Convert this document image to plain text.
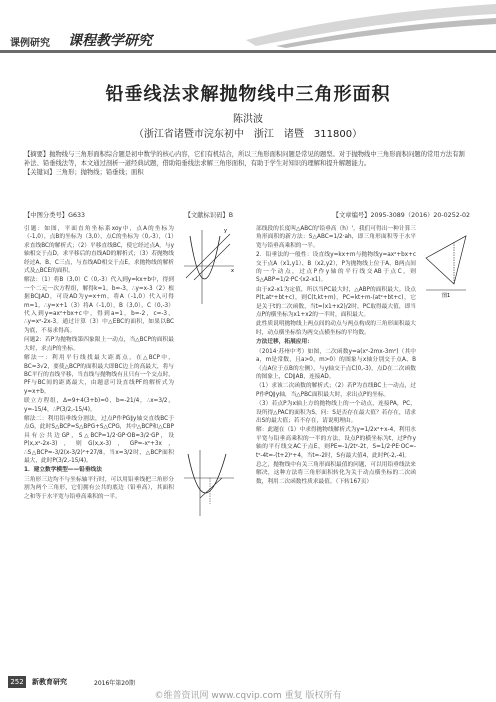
课例研究 课程教学研究
铅垂线法求解抛物线中三角形面积
陈洪波
（浙江省诸暨市浣东初中　浙江　诸暨　311800）
【摘要】抛物线与三角形面积综合题是初中数学的核心内容，它们有机结合，所以三角形面积问题是常见的题型。对于抛物线中三角形面积问题的常用方法有割补法、铅垂线法等，本文通过剖析一道经典试题，借助铅垂线法求解三角形面积，有助于学生对知识的理解和提升解题能力。
【关键词】三角形；抛物线；铅垂线；面积
【中图分类号】G633	【文献标识码】B	【文章编号】2095-3089（2016）20-0252-02

引题：如图，平面直角坐标系xoy中，点A的坐标为（-1,0），点B的坐标为（3,0），点C的坐标为（0,-3），（1）求直线BC的解析式；（2）平移直线BC，使它经过点A，与y轴相交于点D，求平移后的直线AD的解析式；（3）若抛物线经过A、B、C三点，与直线AD相交于点E，求抛物线的解析式及△BCE的面积。

解法：（1）将B（3,0）C（0,-3）代入到y=kx+b中，得到一个二元一次方程组，解得k=1，b=-3，∴y=x-3（2）根据BC∥AD，可设AD为y=x+m，将A（-1,0）代入可得m=1，∴y=x+1（3）将A（-1,0），B（3,0），C（0,-3）代入到y=ax²+bx+c中，得到a=1，b=-2，c=-3，∴y=x²-2x-3。通过计算（3）中△EBC的面积，如果以BC为底，不易求得高。

问题2：若P为抛物线第四象限上一动点，当△BCP的面积最大时，求点P的坐标。

解法一：利用平行线找最大距离点，在△BCP中，BC=3√2，要使△BCP的面积最大即BC边上的高最大，将与BC平行的直线平移，当直线与抛物线有且只有一个交点时，PF与BC间的距离最大，由题意可设直线PF的解析式为y=x+b。

联立方程组，Δ=9+4(3+b)=0，b=-21/4，∴x=3/2，y=-15/4，∴P(3/2,-15/4)。

解法二：利用铅垂线分割法，过点P作PG∥y轴交直线BC于点G，此时S△BCP=S△BPG+S△CPG，其中△BCP和△CBP具有公共边GP，S△BCP=1/2·GP·OB=3/2·GP，设P(x,x²-2x-3)，则G(x,x-3)，GP=-x²+3x，∴S△BCP=-3/2(x-3/2)²+27/8，当x=3/2时，△BCP面积最大，此时P(3/2,-15/4)。

1．建立数学模型——铅垂线法

三角形三边均不与坐标轴平行时，可以用铅垂线把三角形分割为两个三角形，它们拥有公共的底边（铅垂高），其面积之和等于水平宽与铅垂高乘积的一半。

y
x

部线段的长度叫△ABC的'铅垂高（h）'，我们可得出一种计算三角形面积的新方法：S△ABC=1/2·ah，即三角形面积等于水平宽与铅垂高乘积的一半。

2．铅垂法的一般性：设直线y=kx+m与抛物线y=ax²+bx+c交于点A（x1,y1）、B（x2,y2），P为抛物线上位于A、B两点间的一个动点，过点P作y轴的平行线交AB于点C，则S△ABP=1/2·PC·(x2-x1)。

由于x2-x1为定值，所以当PC最大时，△ABP的面积最大。设点P(t,at²+bt+c)，则C(t,kt+m)，PC=kt+m-(at²+bt+c)，它是关于t的二次函数，当t=(x1+x2)/2时，PC取得最大值，即当点P的横坐标为x1+x2的一半时，面积最大。

此性质说明抛物线上两点间的动点与两点构成的三角形面积最大时，动点横坐标恰为两交点横坐标的平均数。

方法迁移，拓展应用：

（2014·苏州中考）如图，二次函数y=a(x²-2mx-3m²)（其中a，m是常数，且a>0，m>0）的图象与x轴分别交于点A、B（点A位于点B的左侧），与y轴交于点C(0,-3)，点D在二次函数的图象上，CD∥AB，连接AD。

（1）求该二次函数的解析式；（2）若P为直线BC上一动点，过P作PQ∥y轴，当△PBC面积最大时，求出点P的坐标。

（3）若点P为x轴上方的抛物线上的一个动点，连接PA，PC，设所得△PAC的面积为S，问：S是否存在最大值？若存在，请求出S的最大值；若不存在，请说明理由。

解：此题在（1）中求得抛物线解析式为y=1/2x²+x-4，利用水平宽与铅垂高乘积的一半的方法，设点P的横坐标为t，过P作y轴的平行线交AC于点E，则PE=-1/2t²-2t，S=1/2·PE·OC=-t²-4t=-(t+2)²+4，当t=-2时，S有最大值4，此时P(-2,-4)。

总之，抛物线中有关三角形面积最值的问题，可以用铅垂线法来解决，这种方法将三角形面积转化为关于动点横坐标的二次函数，利用二次函数性质求最值。（下转167页）

图1
252	新教育研究	2016年第20期
©维普资讯网 www.cqvip.com 重复 版权所有
